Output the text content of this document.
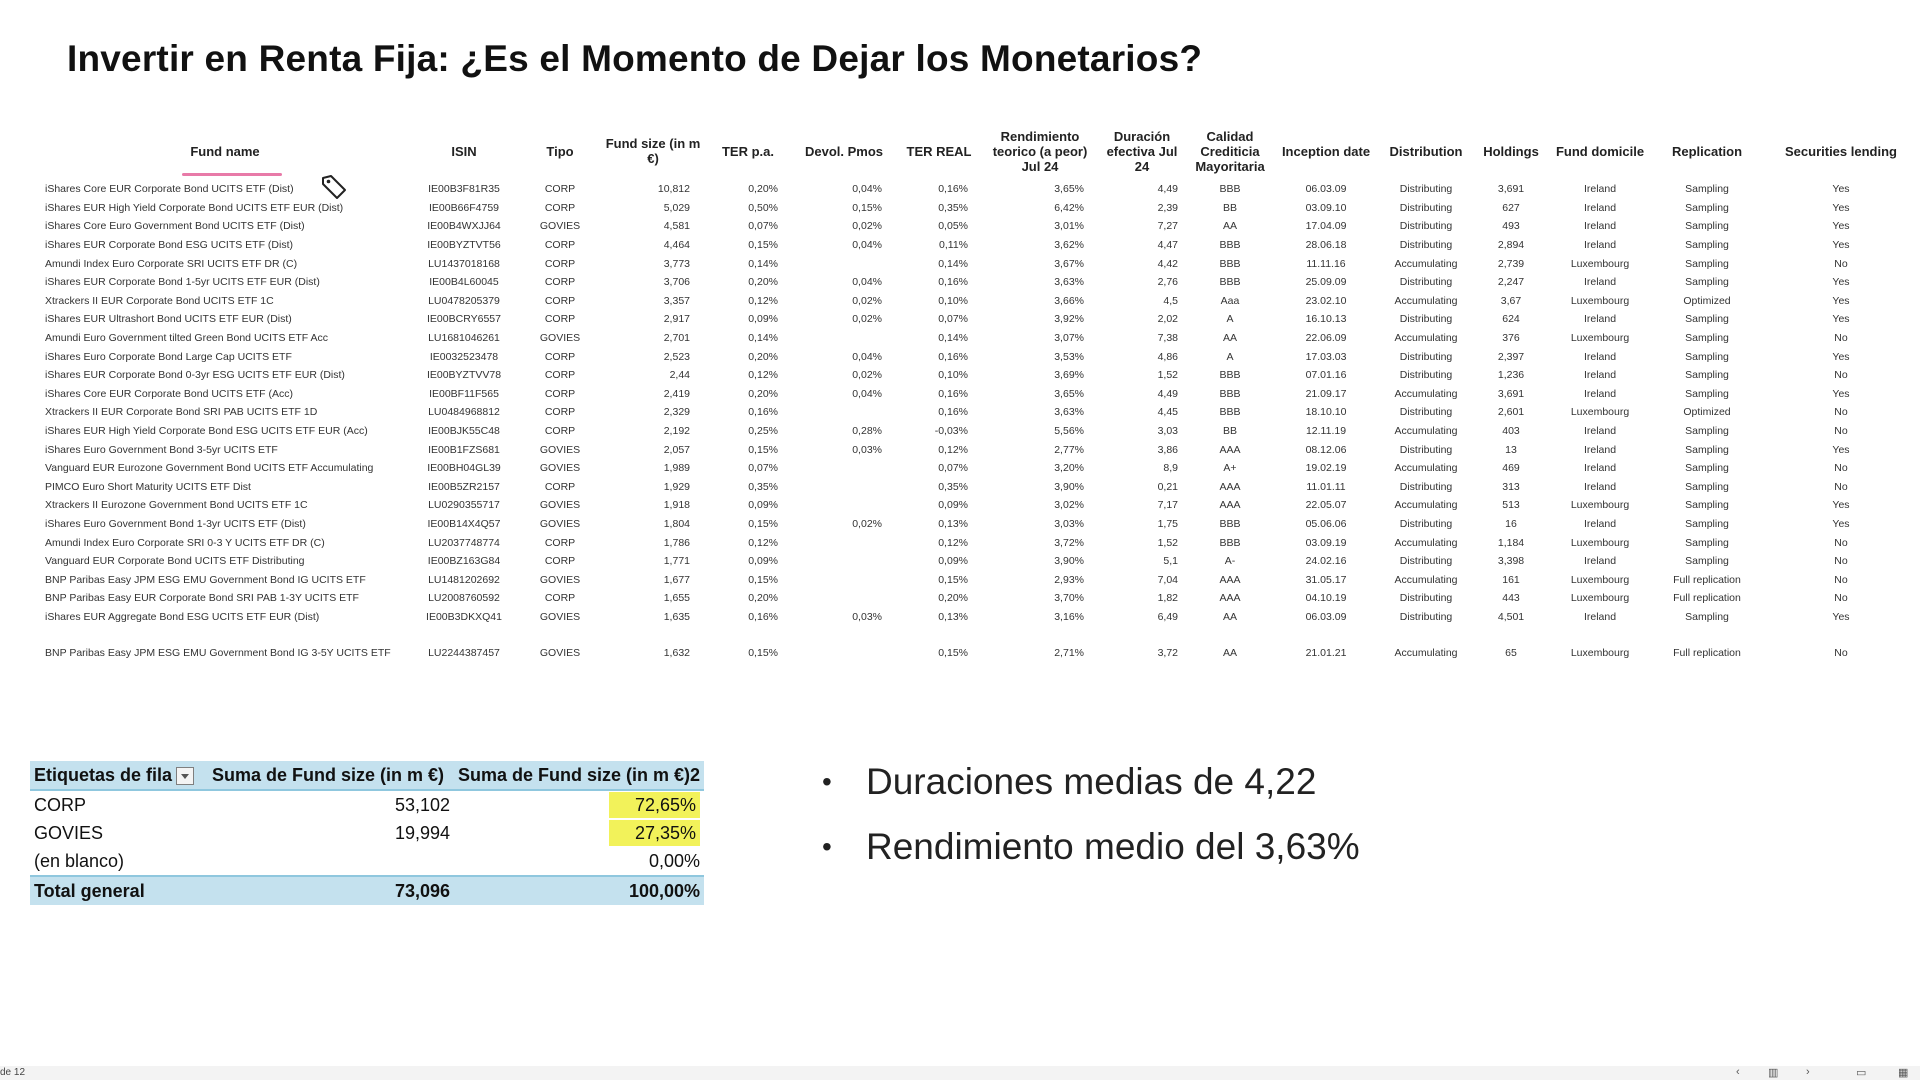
Invertir en Renta Fija: ¿Es el Momento de Dejar los Monetarios?
Fund name	ISIN	Tipo	Fund size (in m €)	TER p.a.	Devol. Pmos	TER REAL	Rendimiento teorico (a peor) Jul 24	Duración efectiva Jul 24	Calidad Crediticia Mayoritaria	Inception date	Distribution	Holdings	Fund domicile	Replication	Securities lending
iShares Core EUR Corporate Bond UCITS ETF (Dist)	IE00B3F81R35	CORP	10,812	0,20%	0,04%	0,16%	3,65%	4,49	BBB	06.03.09	Distributing	3,691	Ireland	Sampling	Yes
iShares EUR High Yield Corporate Bond UCITS ETF EUR (Dist)	IE00B66F4759	CORP	5,029	0,50%	0,15%	0,35%	6,42%	2,39	BB	03.09.10	Distributing	627	Ireland	Sampling	Yes
iShares Core Euro Government Bond UCITS ETF (Dist)	IE00B4WXJJ64	GOVIES	4,581	0,07%	0,02%	0,05%	3,01%	7,27	AA	17.04.09	Distributing	493	Ireland	Sampling	Yes
iShares EUR Corporate Bond ESG UCITS ETF (Dist)	IE00BYZTVT56	CORP	4,464	0,15%	0,04%	0,11%	3,62%	4,47	BBB	28.06.18	Distributing	2,894	Ireland	Sampling	Yes
Amundi Index Euro Corporate SRI UCITS ETF DR (C)	LU1437018168	CORP	3,773	0,14%		0,14%	3,67%	4,42	BBB	11.11.16	Accumulating	2,739	Luxembourg	Sampling	No
iShares EUR Corporate Bond 1-5yr UCITS ETF EUR (Dist)	IE00B4L60045	CORP	3,706	0,20%	0,04%	0,16%	3,63%	2,76	BBB	25.09.09	Distributing	2,247	Ireland	Sampling	Yes
Xtrackers II EUR Corporate Bond UCITS ETF 1C	LU0478205379	CORP	3,357	0,12%	0,02%	0,10%	3,66%	4,5	Aaa	23.02.10	Accumulating	3,67	Luxembourg	Optimized	Yes
iShares EUR Ultrashort Bond UCITS ETF EUR (Dist)	IE00BCRY6557	CORP	2,917	0,09%	0,02%	0,07%	3,92%	2,02	A	16.10.13	Distributing	624	Ireland	Sampling	Yes
Amundi Euro Government tilted Green Bond UCITS ETF Acc	LU1681046261	GOVIES	2,701	0,14%		0,14%	3,07%	7,38	AA	22.06.09	Accumulating	376	Luxembourg	Sampling	No
iShares Euro Corporate Bond Large Cap UCITS ETF	IE0032523478	CORP	2,523	0,20%	0,04%	0,16%	3,53%	4,86	A	17.03.03	Distributing	2,397	Ireland	Sampling	Yes
iShares EUR Corporate Bond 0-3yr ESG UCITS ETF EUR (Dist)	IE00BYZTVV78	CORP	2,44	0,12%	0,02%	0,10%	3,69%	1,52	BBB	07.01.16	Distributing	1,236	Ireland	Sampling	No
iShares Core EUR Corporate Bond UCITS ETF (Acc)	IE00BF11F565	CORP	2,419	0,20%	0,04%	0,16%	3,65%	4,49	BBB	21.09.17	Accumulating	3,691	Ireland	Sampling	Yes
Xtrackers II EUR Corporate Bond SRI PAB UCITS ETF 1D	LU0484968812	CORP	2,329	0,16%		0,16%	3,63%	4,45	BBB	18.10.10	Distributing	2,601	Luxembourg	Optimized	No
iShares EUR High Yield Corporate Bond ESG UCITS ETF EUR (Acc)	IE00BJK55C48	CORP	2,192	0,25%	0,28%	-0,03%	5,56%	3,03	BB	12.11.19	Accumulating	403	Ireland	Sampling	No
iShares Euro Government Bond 3-5yr UCITS ETF	IE00B1FZS681	GOVIES	2,057	0,15%	0,03%	0,12%	2,77%	3,86	AAA	08.12.06	Distributing	13	Ireland	Sampling	Yes
Vanguard EUR Eurozone Government Bond UCITS ETF Accumulating	IE00BH04GL39	GOVIES	1,989	0,07%		0,07%	3,20%	8,9	A+	19.02.19	Accumulating	469	Ireland	Sampling	No
PIMCO Euro Short Maturity UCITS ETF Dist	IE00B5ZR2157	CORP	1,929	0,35%		0,35%	3,90%	0,21	AAA	11.01.11	Distributing	313	Ireland	Sampling	No
Xtrackers II Eurozone Government Bond UCITS ETF 1C	LU0290355717	GOVIES	1,918	0,09%		0,09%	3,02%	7,17	AAA	22.05.07	Accumulating	513	Luxembourg	Sampling	Yes
iShares Euro Government Bond 1-3yr UCITS ETF (Dist)	IE00B14X4Q57	GOVIES	1,804	0,15%	0,02%	0,13%	3,03%	1,75	BBB	05.06.06	Distributing	16	Ireland	Sampling	Yes
Amundi Index Euro Corporate SRI 0-3 Y UCITS ETF DR (C)	LU2037748774	CORP	1,786	0,12%		0,12%	3,72%	1,52	BBB	03.09.19	Accumulating	1,184	Luxembourg	Sampling	No
Vanguard EUR Corporate Bond UCITS ETF Distributing	IE00BZ163G84	CORP	1,771	0,09%		0,09%	3,90%	5,1	A-	24.02.16	Distributing	3,398	Ireland	Sampling	No
BNP Paribas Easy JPM ESG EMU Government Bond IG UCITS ETF	LU1481202692	GOVIES	1,677	0,15%		0,15%	2,93%	7,04	AAA	31.05.17	Accumulating	161	Luxembourg	Full replication	No
BNP Paribas Easy EUR Corporate Bond SRI PAB 1-3Y UCITS ETF	LU2008760592	CORP	1,655	0,20%		0,20%	3,70%	1,82	AAA	04.10.19	Distributing	443	Luxembourg	Full replication	No
iShares EUR Aggregate Bond ESG UCITS ETF EUR (Dist)	IE00B3DKXQ41	GOVIES	1,635	0,16%	0,03%	0,13%	3,16%	6,49	AA	06.03.09	Distributing	4,501	Ireland	Sampling	Yes

BNP Paribas Easy JPM ESG EMU Government Bond IG 3-5Y UCITS ETF	LU2244387457	GOVIES	1,632	0,15%		0,15%	2,71%	3,72	AA	21.01.21	Accumulating	65	Luxembourg	Full replication	No
Etiquetas de fila	Suma de Fund size (in m €)	Suma de Fund size (in m €)2
CORP	53,102	72,65%
GOVIES	19,994	27,35%
(en blanco)		0,00%
Total general	73,096	100,00%
• Duraciones medias de 4,22
• Rendimiento medio del 3,63%
de 12	‹	▥	›	▭	▦
